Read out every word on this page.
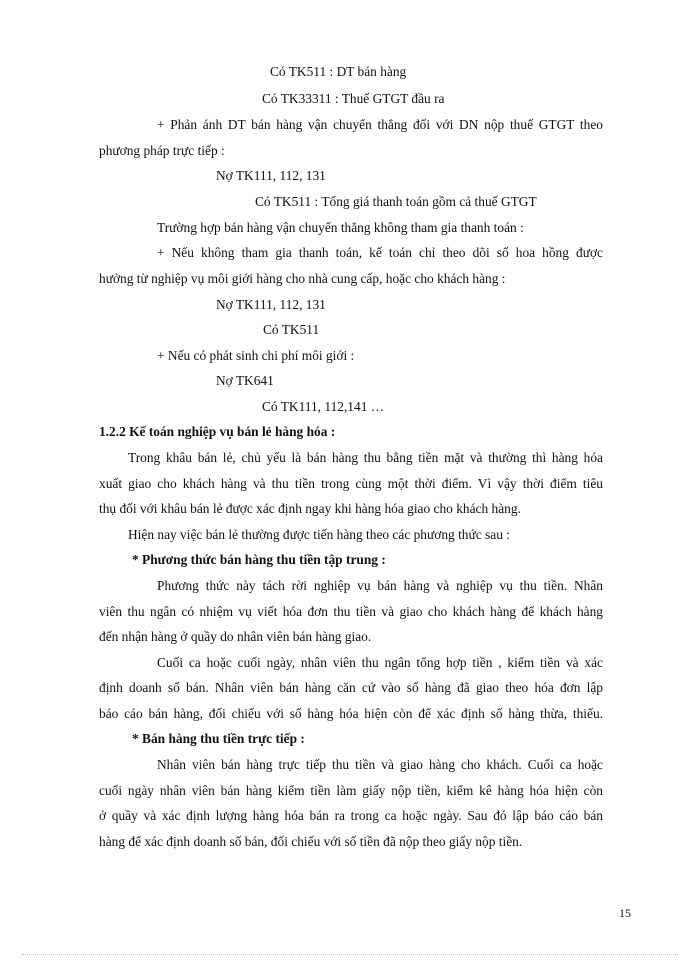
Có TK511 : DT bán hàng
Có TK33311 : Thuế GTGT đầu ra
+ Phản ánh DT bán hàng vận chuyển thẳng đối với DN nộp thuế GTGT theo
phương pháp trực tiếp :
Nợ TK111, 112, 131
Có TK511 : Tổng giá thanh toán gồm cả thuế GTGT
Trường hợp bán hàng vận chuyển thẳng không tham gia thanh toán :
+ Nếu không tham gia thanh toán, kế toán chỉ theo dõi số hoa hồng được
hưởng từ nghiệp vụ môi giới hàng cho nhà cung cấp, hoặc cho khách hàng :
Nợ TK111, 112, 131
Có TK511
+ Nếu có phát sinh chi phí môi giới :
Nợ TK641
Có TK111, 112,141 …
1.2.2 Kế toán nghiệp vụ bán lẻ hàng hóa :
Trong khâu bán lẻ, chủ yếu là bán hàng thu bằng tiền mặt và thường thì hàng hóa
xuất giao cho khách hàng và thu tiền trong cùng một thời điểm. Vì vậy thời điểm tiêu
thụ đối với khâu bán lẻ được xác định ngay khi hàng hóa giao cho khách hàng.
Hiện nay việc bán lẻ thường được tiến hàng theo các phương thức sau :
* Phương thức bán hàng thu tiền tập trung :
Phương thức này tách rời nghiệp vụ bán hàng và nghiệp vụ thu tiền. Nhân
viên thu ngân có nhiệm vụ viết hóa đơn thu tiền và giao cho khách hàng để khách hàng
đến nhận hàng ở quầy do nhân viên bán hàng giao.
Cuối ca hoặc cuối ngày, nhân viên thu ngân tổng hợp tiền , kiểm tiền và xác
định doanh số bán. Nhân viên bán hàng căn cứ vào số hàng đã giao theo hóa đơn lập
báo cáo bán hàng, đối chiếu với số hàng hóa hiện còn để xác định số hàng thừa, thiếu.
* Bán hàng thu tiền trực tiếp :
Nhân viên bán hàng trực tiếp thu tiền và giao hàng cho khách. Cuối ca hoặc
cuối ngày nhân viên bán hàng kiểm tiền làm giấy nộp tiền, kiểm kê hàng hóa hiện còn
ở quầy và xác định lượng hàng hóa bán ra trong ca hoặc ngày. Sau đó lập báo cáo bán
hàng để xác định doanh số bán, đối chiếu với số tiền đã nộp theo giấy nộp tiền.
15
